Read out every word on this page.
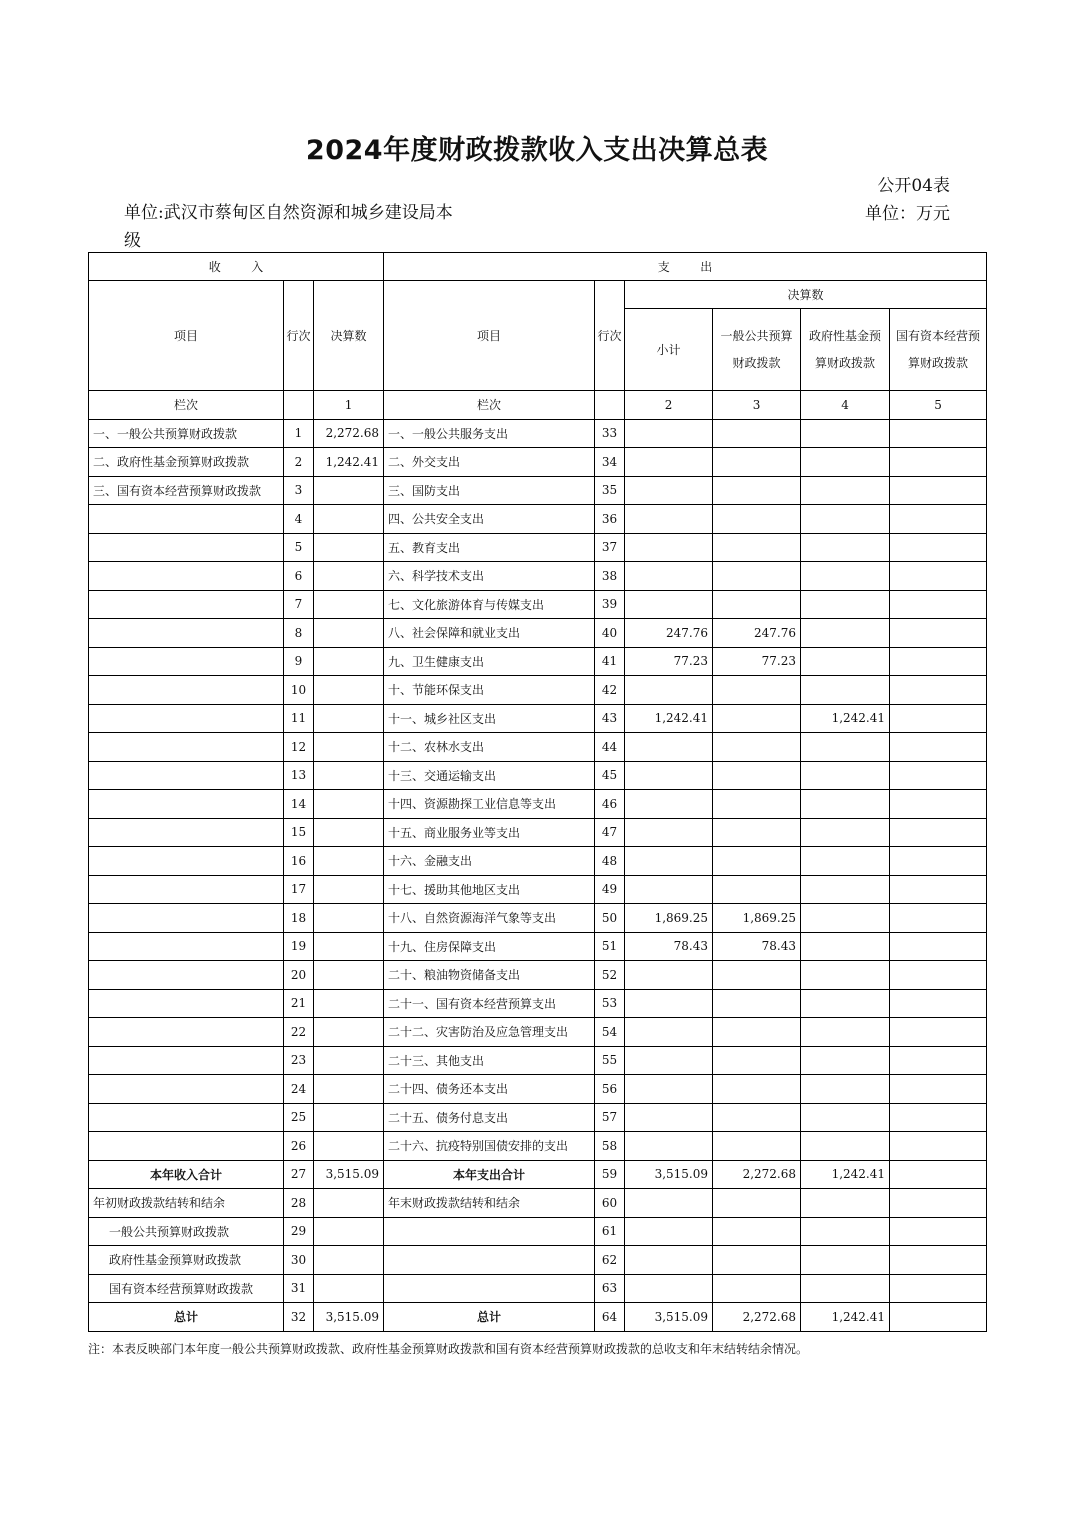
2024年度财政拨款收入支出决算总表
公开04表
单位:武汉市蔡甸区自然资源和城乡建设局本级
单位：万元
收        入			支        出					
项目	行次	决算数	项目	行次	决算数			
					小计	一般公共预算财政拨款	政府性基金预算财政拨款	国有资本经营预算财政拨款
栏次		1	栏次		2	3	4	5
一、一般公共预算财政拨款	1	2,272.68	一、一般公共服务支出	33				
二、政府性基金预算财政拨款	2	1,242.41	二、外交支出	34				
三、国有资本经营预算财政拨款	3		三、国防支出	35				
	4		四、公共安全支出	36				
	5		五、教育支出	37				
	6		六、科学技术支出	38				
	7		七、文化旅游体育与传媒支出	39				
	8		八、社会保障和就业支出	40	247.76	247.76		
	9		九、卫生健康支出	41	77.23	77.23		
	10		十、节能环保支出	42				
	11		十一、城乡社区支出	43	1,242.41		1,242.41	
	12		十二、农林水支出	44				
	13		十三、交通运输支出	45				
	14		十四、资源勘探工业信息等支出	46				
	15		十五、商业服务业等支出	47				
	16		十六、金融支出	48				
	17		十七、援助其他地区支出	49				
	18		十八、自然资源海洋气象等支出	50	1,869.25	1,869.25		
	19		十九、住房保障支出	51	78.43	78.43		
	20		二十、粮油物资储备支出	52				
	21		二十一、国有资本经营预算支出	53				
	22		二十二、灾害防治及应急管理支出	54				
	23		二十三、其他支出	55				
	24		二十四、债务还本支出	56				
	25		二十五、债务付息支出	57				
	26		二十六、抗疫特别国债安排的支出	58				
本年收入合计	27	3,515.09	本年支出合计	59	3,515.09	2,272.68	1,242.41	
年初财政拨款结转和结余	28		年末财政拨款结转和结余	60				
一般公共预算财政拨款	29			61				
政府性基金预算财政拨款	30			62				
国有资本经营预算财政拨款	31			63				
总计	32	3,515.09	总计	64	3,515.09	2,272.68	1,242.41	
注：本表反映部门本年度一般公共预算财政拨款、政府性基金预算财政拨款和国有资本经营预算财政拨款的总收支和年末结转结余情况。
